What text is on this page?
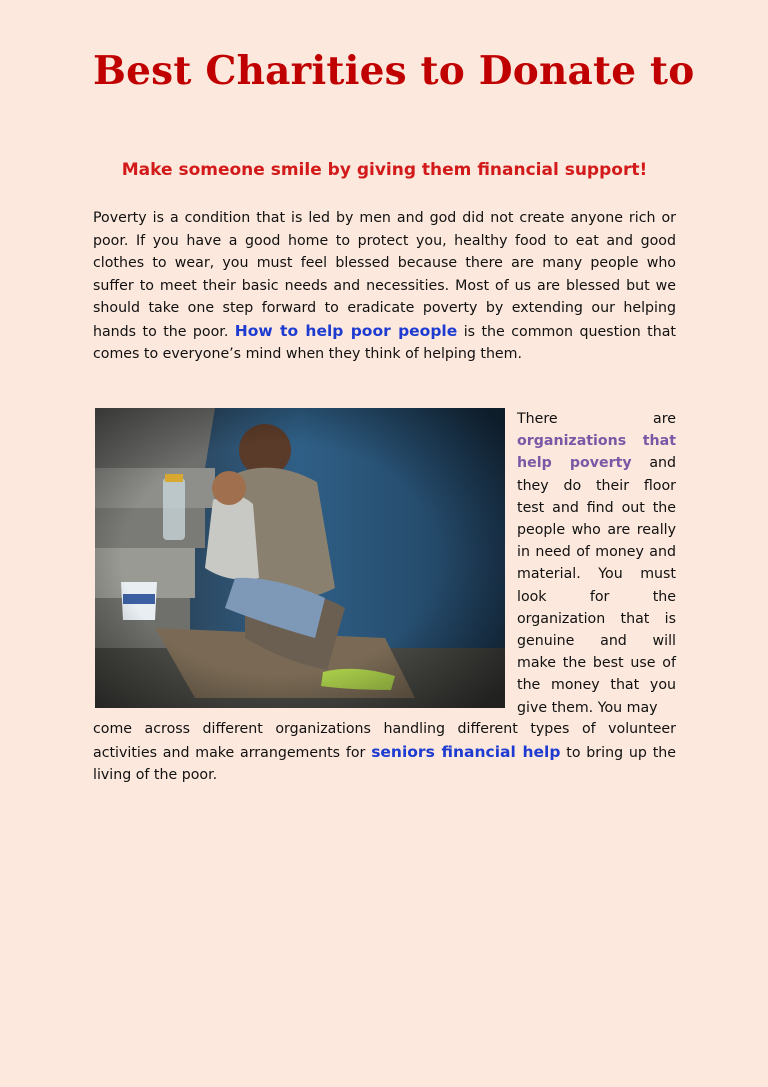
Best Charities to Donate to
Make someone smile by giving them financial support!

Poverty is a condition that is led by men and god did not create anyone rich or poor. If you have a good home to protect you, healthy food to eat and good clothes to wear, you must feel blessed because there are many people who suffer to meet their basic needs and necessities. Most of us are blessed but we should take one step forward to eradicate poverty by extending our helping hands to the poor. How to help poor people is the common question that comes to everyone’s mind when they think of helping them.

There are organizations that help poverty and they do their floor test and find out the people who are really in need of money and material. You must look for the organization that is genuine and will make the best use of the money that you give them. You may

come across different organizations handling different types of volunteer activities and make arrangements for seniors financial help to bring up the living of the poor.
